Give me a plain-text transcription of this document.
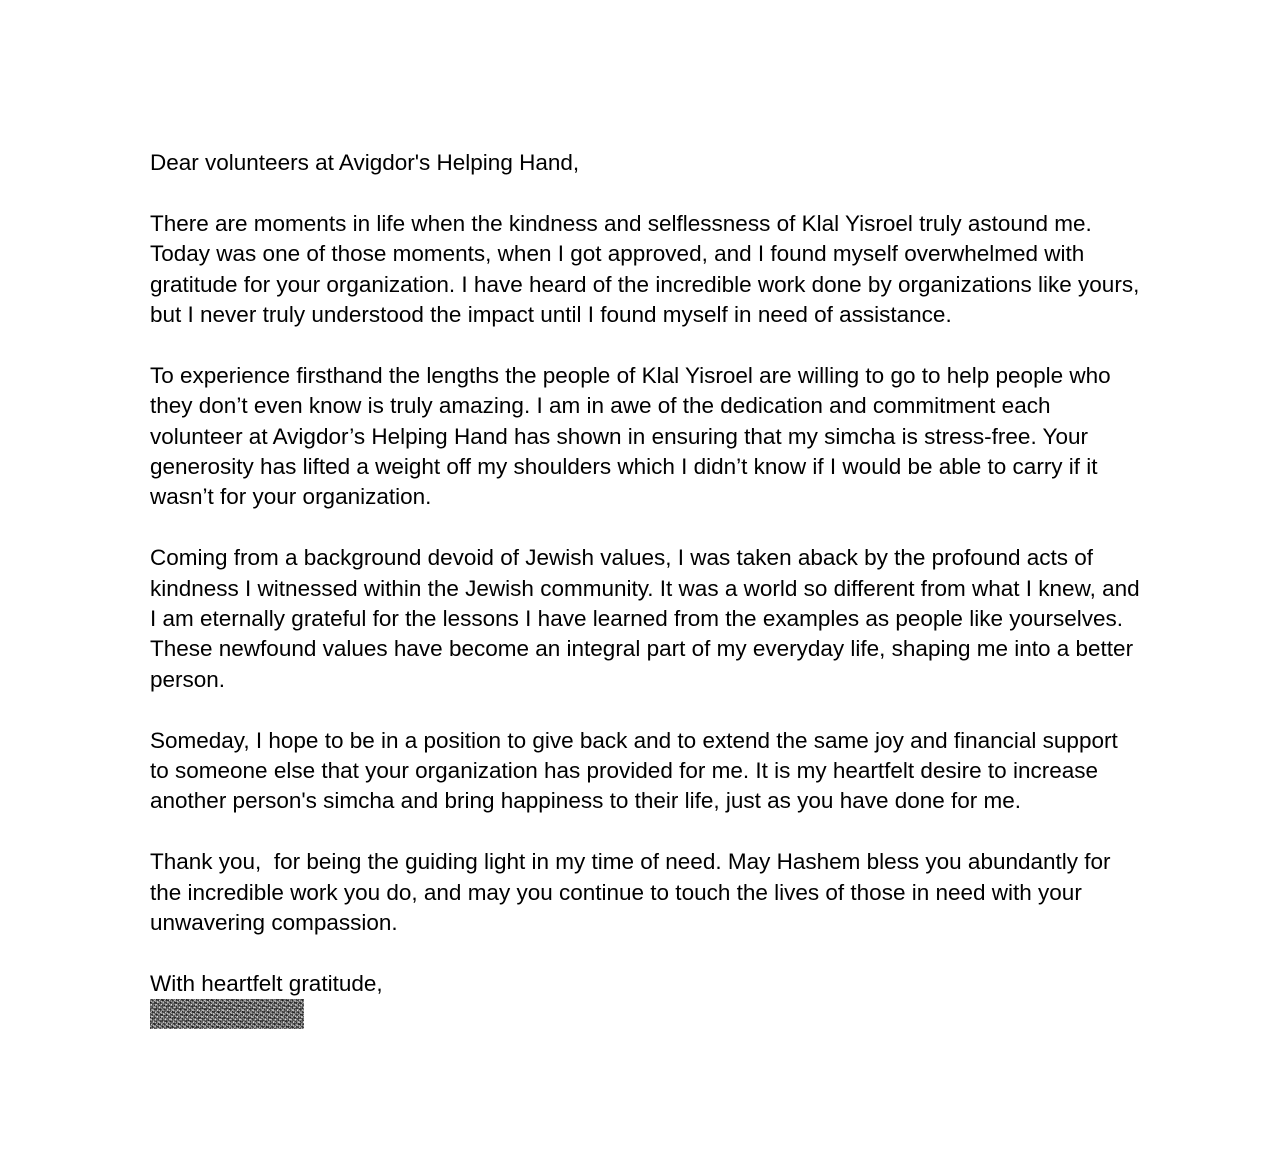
Dear volunteers at Avigdor's Helping Hand,

There are moments in life when the kindness and selflessness of Klal Yisroel truly astound me. Today was one of those moments, when I got approved, and I found myself overwhelmed with gratitude for your organization. I have heard of the incredible work done by organizations like yours, but I never truly understood the impact until I found myself in need of assistance.

To experience firsthand the lengths the people of Klal Yisroel are willing to go to help people who they don’t even know is truly amazing. I am in awe of the dedication and commitment each volunteer at Avigdor’s Helping Hand has shown in ensuring that my simcha is stress-free. Your generosity has lifted a weight off my shoulders which I didn’t know if I would be able to carry if it wasn’t for your organization.

Coming from a background devoid of Jewish values, I was taken aback by the profound acts of kindness I witnessed within the Jewish community. It was a world so different from what I knew, and I am eternally grateful for the lessons I have learned from the examples as people like yourselves. These newfound values have become an integral part of my everyday life, shaping me into a better person.

Someday, I hope to be in a position to give back and to extend the same joy and financial support to someone else that your organization has provided for me. It is my heartfelt desire to increase another person's simcha and bring happiness to their life, just as you have done for me.

Thank you,  for being the guiding light in my time of need. May Hashem bless you abundantly for the incredible work you do, and may you continue to touch the lives of those in need with your unwavering compassion.

With heartfelt gratitude,
